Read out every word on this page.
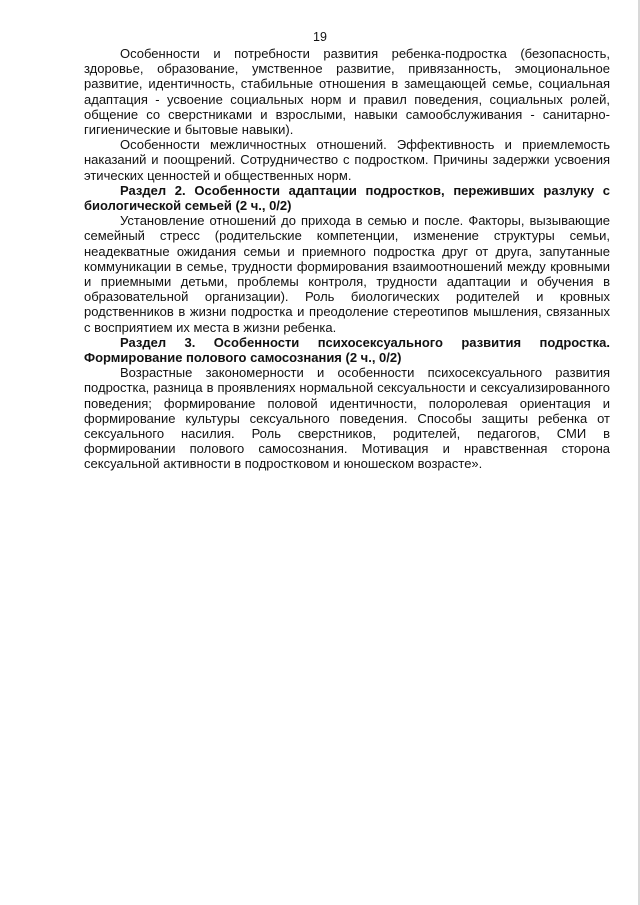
19

Особенности и потребности развития ребенка-подростка (безопасность, здоровье, образование, умственное развитие, привязанность, эмоциональное развитие, идентичность, стабильные отношения в замещающей семье, социальная адаптация - усвоение социальных норм и правил поведения, социальных ролей, общение со сверстниками и взрослыми, навыки самообслуживания - санитарно-гигиенические и бытовые навыки).

Особенности межличностных отношений. Эффективность и приемлемость наказаний и поощрений. Сотрудничество с подростком. Причины задержки усвоения этических ценностей и общественных норм.

Раздел 2. Особенности адаптации подростков, переживших разлуку с биологической семьей (2 ч., 0/2)

Установление отношений до прихода в семью и после. Факторы, вызывающие семейный стресс (родительские компетенции, изменение структуры семьи, неадекватные ожидания семьи и приемного подростка друг от друга, запутанные коммуникации в семье, трудности формирования взаимоотношений между кровными и приемными детьми, проблемы контроля, трудности адаптации и обучения в образовательной организации). Роль биологических родителей и кровных родственников в жизни подростка и преодоление стереотипов мышления, связанных с восприятием их места в жизни ребенка.

Раздел 3. Особенности психосексуального развития подростка. Формирование полового самосознания (2 ч., 0/2)

Возрастные закономерности и особенности психосексуального развития подростка, разница в проявлениях нормальной сексуальности и сексуализированного поведения; формирование половой идентичности, полоролевая ориентация и формирование культуры сексуального поведения. Способы защиты ребенка от сексуального насилия. Роль сверстников, родителей, педагогов, СМИ в формировании полового самосознания. Мотивация и нравственная сторона сексуальной активности в подростковом и юношеском возрасте».
